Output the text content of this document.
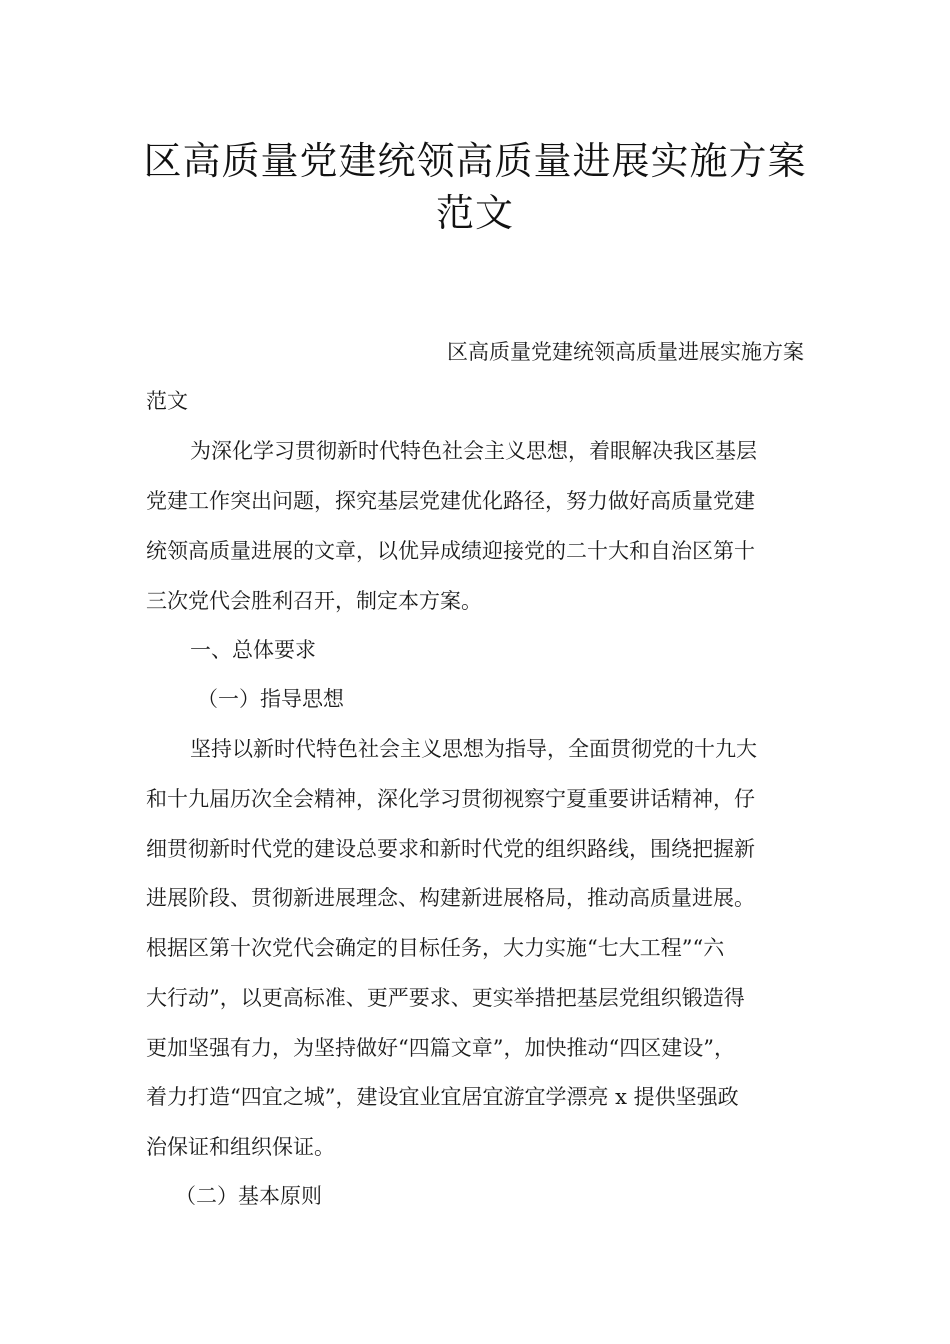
区高质量党建统领高质量进展实施方案
范文
区高质量党建统领高质量进展实施方案
范文
为深化学习贯彻新时代特色社会主义思想，着眼解决我区基层
党建工作突出问题，探究基层党建优化路径，努力做好高质量党建
统领高质量进展的文章，以优异成绩迎接党的二十大和自治区第十
三次党代会胜利召开，制定本方案。
一、总体要求
（一）指导思想
坚持以新时代特色社会主义思想为指导，全面贯彻党的十九大
和十九届历次全会精神，深化学习贯彻视察宁夏重要讲话精神，仔
细贯彻新时代党的建设总要求和新时代党的组织路线，围绕把握新
进展阶段、贯彻新进展理念、构建新进展格局，推动高质量进展。
根据区第十次党代会确定的目标任务，大力实施“七大工程”“六
大行动”，以更高标准、更严要求、更实举措把基层党组织锻造得
更加坚强有力，为坚持做好“四篇文章”，加快推动“四区建设”，
着力打造“四宜之城”，建设宜业宜居宜游宜学漂亮 x 提供坚强政
治保证和组织保证。
（二）基本原则
